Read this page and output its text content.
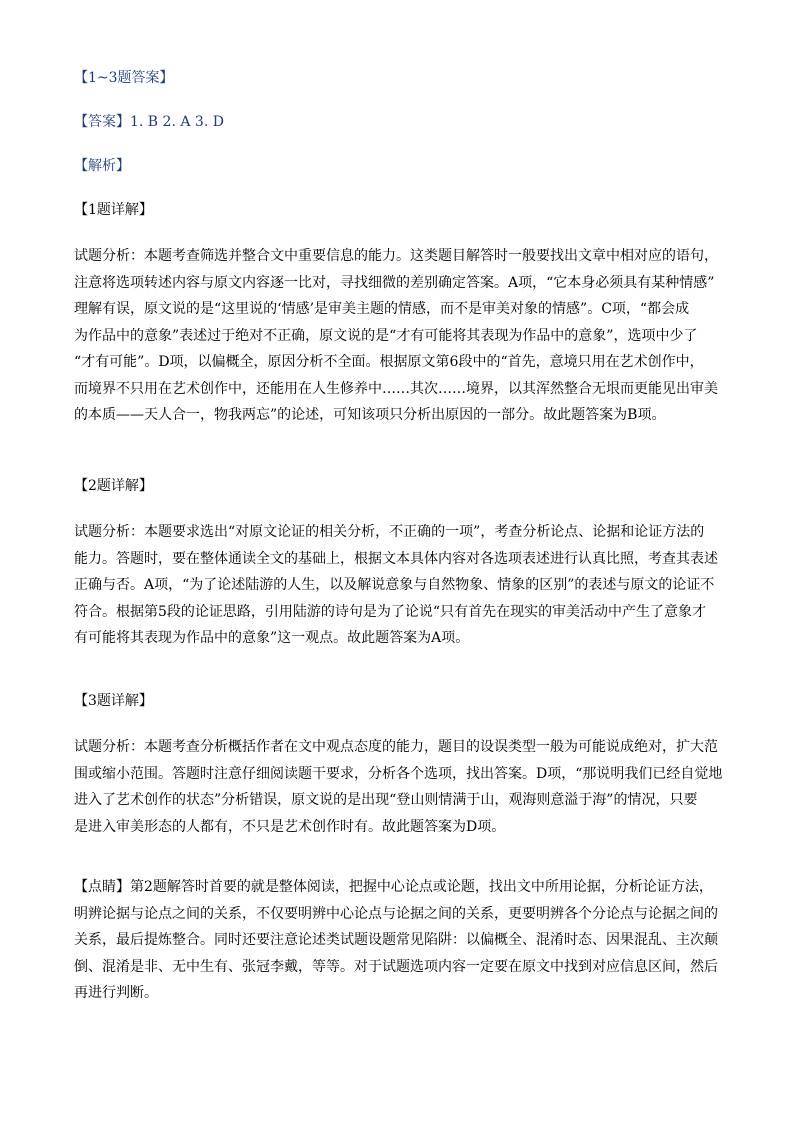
【1~3题答案】
【答案】1. B 2. A 3. D
【解析】
【1题详解】

试题分析：本题考查筛选并整合文中重要信息的能力。这类题目解答时一般要找出文章中相对应的语句，

注意将选项转述内容与原文内容逐一比对，寻找细微的差别确定答案。A项，“它本身必须具有某种情感”

理解有误，原文说的是“这里说的‘情感’是审美主题的情感，而不是审美对象的情感”。C项，“都会成

为作品中的意象”表述过于绝对不正确，原文说的是“才有可能将其表现为作品中的意象”，选项中少了

“才有可能”。D项，以偏概全，原因分析不全面。根据原文第6段中的“首先，意境只用在艺术创作中，

而境界不只用在艺术创作中，还能用在人生修养中……其次……境界，以其浑然整合无垠而更能见出审美

的本质——天人合一，物我两忘”的论述，可知该项只分析出原因的一部分。故此题答案为B项。

【2题详解】

试题分析：本题要求选出“对原文论证的相关分析，不正确的一项”，考查分析论点、论据和论证方法的

能力。答题时，要在整体通读全文的基础上，根据文本具体内容对各选项表述进行认真比照，考查其表述

正确与否。A项，“为了论述陆游的人生，以及解说意象与自然物象、情象的区别”的表述与原文的论证不

符合。根据第5段的论证思路，引用陆游的诗句是为了论说“只有首先在现实的审美活动中产生了意象才

有可能将其表现为作品中的意象”这一观点。故此题答案为A项。

【3题详解】

试题分析：本题考查分析概括作者在文中观点态度的能力，题目的设误类型一般为可能说成绝对，扩大范

围或缩小范围。答题时注意仔细阅读题干要求，分析各个选项，找出答案。D项，“那说明我们已经自觉地

进入了艺术创作的状态”分析错误，原文说的是出现“登山则情满于山，观海则意溢于海”的情况，只要

是进入审美形态的人都有，不只是艺术创作时有。故此题答案为D项。

【点睛】第2题解答时首要的就是整体阅读，把握中心论点或论题，找出文中所用论据，分析论证方法，

明辨论据与论点之间的关系，不仅要明辨中心论点与论据之间的关系，更要明辨各个分论点与论据之间的

关系，最后提炼整合。同时还要注意论述类试题设题常见陷阱：以偏概全、混淆时态、因果混乱、主次颠

倒、混淆是非、无中生有、张冠李戴，等等。对于试题选项内容一定要在原文中找到对应信息区间，然后

再进行判断。
